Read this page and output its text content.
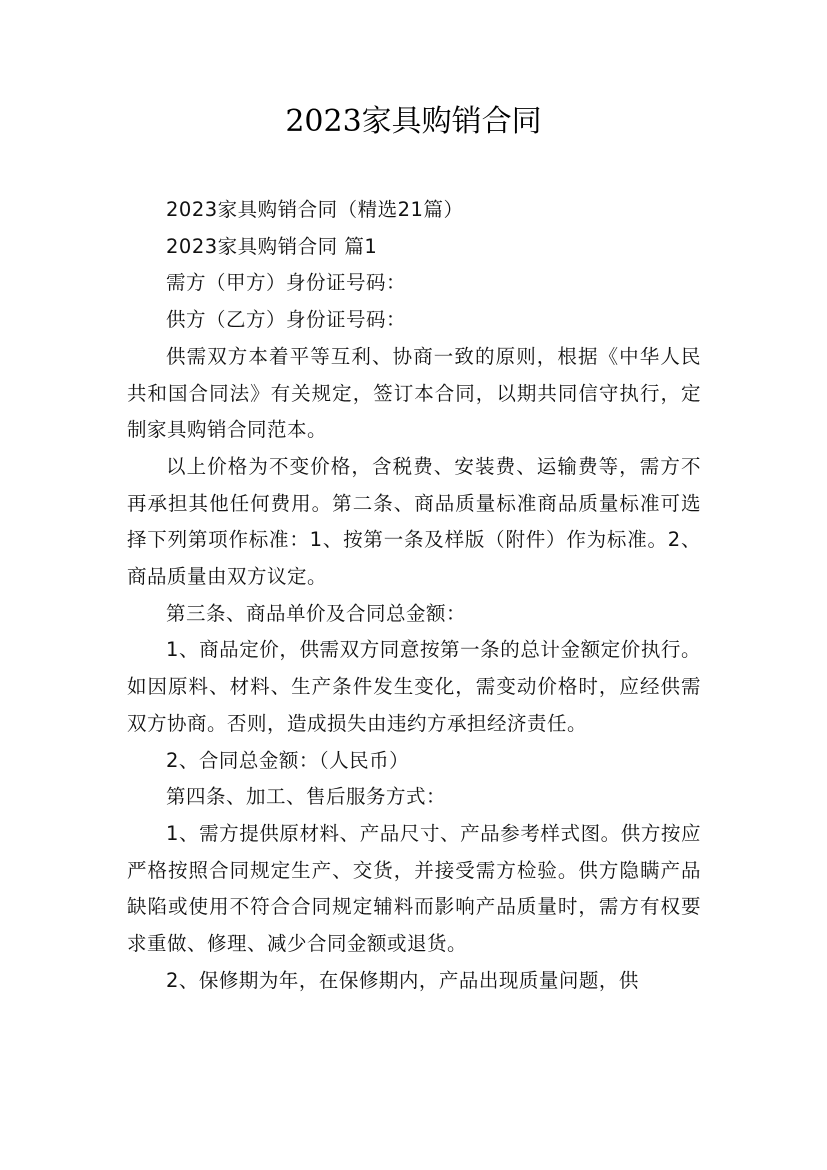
2023家具购销合同

2023家具购销合同（精选21篇）

2023家具购销合同 篇1

需方（甲方）身份证号码：

供方（乙方）身份证号码：

供需双方本着平等互利、协商一致的原则，根据《中华人民共和国合同法》有关规定，签订本合同，以期共同信守执行，定制家具购销合同范本。

以上价格为不变价格，含税费、安装费、运输费等，需方不再承担其他任何费用。第二条、商品质量标准商品质量标准可选择下列第项作标准：1、按第一条及样版（附件）作为标准。2、商品质量由双方议定。

第三条、商品单价及合同总金额：

1、商品定价，供需双方同意按第一条的总计金额定价执行。如因原料、材料、生产条件发生变化，需变动价格时，应经供需双方协商。否则，造成损失由违约方承担经济责任。

2、合同总金额：（人民币）

第四条、加工、售后服务方式：

1、需方提供原材料、产品尺寸、产品参考样式图。供方按应严格按照合同规定生产、交货，并接受需方检验。供方隐瞒产品缺陷或使用不符合合同规定辅料而影响产品质量时，需方有权要求重做、修理、减少合同金额或退货。

2、保修期为年，在保修期内，产品出现质量问题，供
